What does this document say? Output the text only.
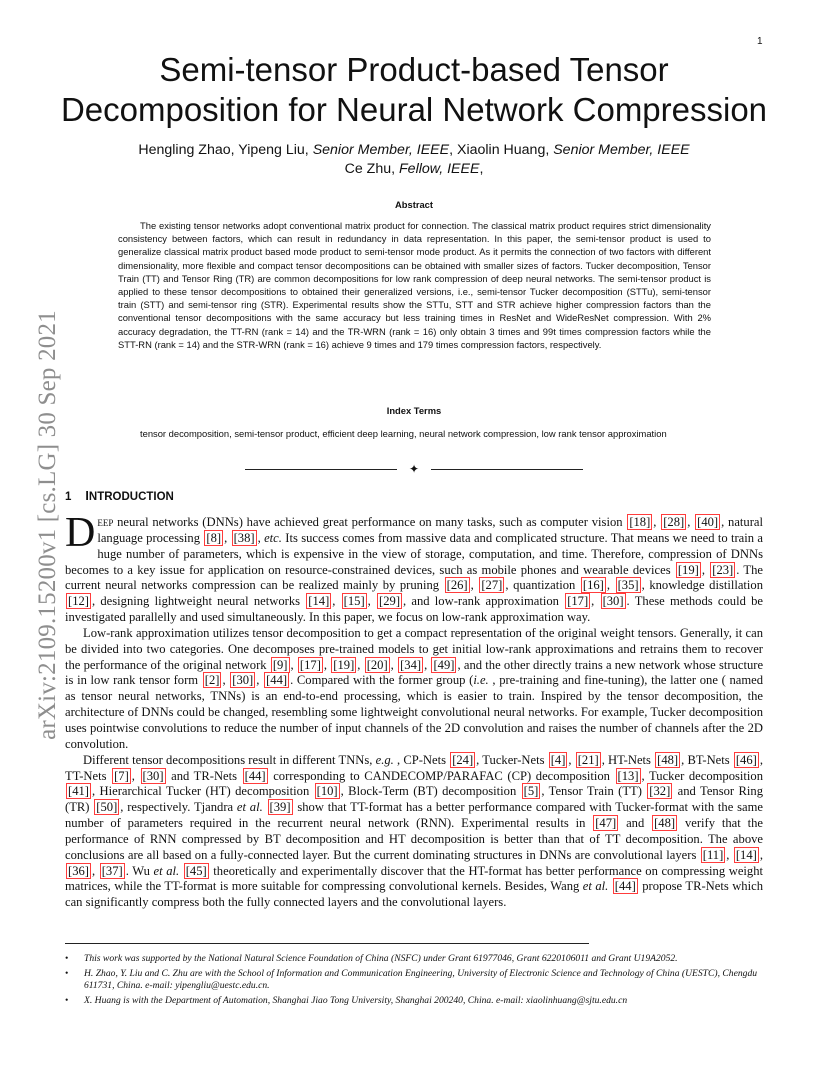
1
arXiv:2109.15200v1 [cs.LG] 30 Sep 2021
Semi-tensor Product-based Tensor
Decomposition for Neural Network Compression
Hengling Zhao, Yipeng Liu, Senior Member, IEEE, Xiaolin Huang, Senior Member, IEEE
Ce Zhu, Fellow, IEEE,
Abstract

The existing tensor networks adopt conventional matrix product for connection. The classical matrix product requires strict dimensionality consistency between factors, which can result in redundancy in data representation. In this paper, the semi-tensor product is used to generalize classical matrix product based mode product to semi-tensor mode product. As it permits the connection of two factors with different dimensionality, more flexible and compact tensor decompositions can be obtained with smaller sizes of factors. Tucker decomposition, Tensor Train (TT) and Tensor Ring (TR) are common decompositions for low rank compression of deep neural networks. The semi-tensor product is applied to these tensor decompositions to obtained their generalized versions, i.e., semi-tensor Tucker decomposition (STTu), semi-tensor train (STT) and semi-tensor ring (STR). Experimental results show the STTu, STT and STR achieve higher compression factors than the conventional tensor decompositions with the same accuracy but less training times in ResNet and WideResNet compression. With 2% accuracy degradation, the TT-RN (rank = 14) and the TR-WRN (rank = 16) only obtain 3 times and 99t times compression factors while the STT-RN (rank = 14) and the STR-WRN (rank = 16) achieve 9 times and 179 times compression factors, respectively.

Index Terms

tensor decomposition, semi-tensor product, efficient deep learning, neural network compression, low rank tensor approximation

✦
1 INTRODUCTION

Deep neural networks (DNNs) have achieved great performance on many tasks, such as computer vision [18] , [28] , [40] , natural language processing [8] , [38] , etc. Its success comes from massive data and complicated structure. That means we need to train a huge number of parameters, which is expensive in the view of storage, computation, and time. Therefore, compression of DNNs becomes to a key issue for application on resource-constrained devices, such as mobile phones and wearable devices [19] , [23] . The current neural networks compression can be realized mainly by pruning [26] , [27] , quantization [16] , [35] , knowledge distillation [12] , designing lightweight neural networks [14] , [15] , [29] , and low-rank approximation [17] , [30] . These methods could be investigated parallelly and used simultaneously. In this paper, we focus on low-rank approximation way.

Low-rank approximation utilizes tensor decomposition to get a compact representation of the original weight tensors. Generally, it can be divided into two categories. One decomposes pre-trained models to get initial low-rank approximations and retrains them to recover the performance of the original network [9] , [17] , [19] , [20] , [34] , [49] , and the other directly trains a new network whose structure is in low rank tensor form [2] , [30] , [44] . Compared with the former group (i.e. , pre-training and fine-tuning), the latter one ( named as tensor neural networks, TNNs) is an end-to-end processing, which is easier to train. Inspired by the tensor decomposition, the architecture of DNNs could be changed, resembling some lightweight convolutional neural networks. For example, Tucker decomposition uses pointwise convolutions to reduce the number of input channels of the 2D convolution and raises the number of channels after the 2D convolution.

Different tensor decompositions result in different TNNs, e.g. , CP-Nets [24] , Tucker-Nets [4] , [21] , HT-Nets [48] , BT-Nets [46] , TT-Nets [7] , [30] and TR-Nets [44] corresponding to CANDECOMP/PARAFAC (CP) decomposition [13] , Tucker decomposition [41] , Hierarchical Tucker (HT) decomposition [10] , Block-Term (BT) decomposition [5] , Tensor Train (TT) [32] and Tensor Ring (TR) [50] , respectively. Tjandra et al. [39] show that TT-format has a better performance compared with Tucker-format with the same number of parameters required in the recurrent neural network (RNN). Experimental results in [47] and [48] verify that the performance of RNN compressed by BT decomposition and HT decomposition is better than that of TT decomposition. The above conclusions are all based on a fully-connected layer. But the current dominating structures in DNNs are convolutional layers [11] , [14] , [36] , [37] . Wu et al. [45] theoretically and experimentally discover that the HT-format has better performance on compressing weight matrices, while the TT-format is more suitable for compressing convolutional kernels. Besides, Wang et al. [44] propose TR-Nets which can significantly compress both the fully connected layers and the convolutional layers.

• This work was supported by the National Natural Science Foundation of China (NSFC) under Grant 61977046, Grant 6220106011 and Grant U19A2052.
• H. Zhao, Y. Liu and C. Zhu are with the School of Information and Communication Engineering, University of Electronic Science and Technology of China (UESTC), Chengdu 611731, China. e-mail: yipengliu@uestc.edu.cn.
• X. Huang is with the Department of Automation, Shanghai Jiao Tong University, Shanghai 200240, China. e-mail: xiaolinhuang@sjtu.edu.cn
